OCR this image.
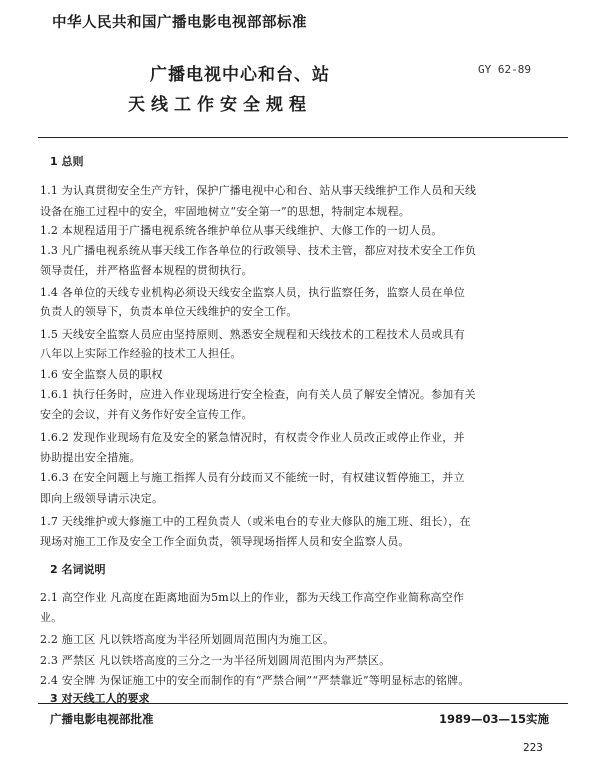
中华人民共和国广播电影电视部部标准
GY 62-89
广播电视中心和台、站
天线工作安全规程
1 总则
1.1 为认真贯彻安全生产方针，保护广播电视中心和台、站从事天线维护工作人员和天线
设备在施工过程中的安全，牢固地树立“安全第一”的思想，特制定本规程。
1.2 本规程适用于广播电视系统各维护单位从事天线维护、大修工作的一切人员。
1.3 凡广播电视系统从事天线工作各单位的行政领导、技术主管，都应对技术安全工作负
领导责任，并严格监督本规程的贯彻执行。
1.4 各单位的天线专业机构必须设天线安全监察人员，执行监察任务，监察人员在单位
负责人的领导下，负责本单位天线维护的安全工作。
1.5 天线安全监察人员应由坚持原则、熟悉安全规程和天线技术的工程技术人员或具有
八年以上实际工作经验的技术工人担任。
1.6 安全监察人员的职权
1.6.1 执行任务时，应进入作业现场进行安全检查，向有关人员了解安全情况。参加有关
安全的会议，并有义务作好安全宣传工作。
1.6.2 发现作业现场有危及安全的紧急情况时，有权责令作业人员改正或停止作业，并
协助提出安全措施。
1.6.3 在安全问题上与施工指挥人员有分歧而又不能统一时，有权建议暂停施工，并立
即向上级领导请示决定。
1.7 天线维护或大修施工中的工程负责人（或米电台的专业大修队的施工班、组长），在
现场对施工工作及安全工作全面负责，领导现场指挥人员和安全监察人员。
2 名词说明
2.1 高空作业 凡高度在距离地面为5m以上的作业，都为天线工作高空作业简称高空作
业。
2.2 施工区 凡以铁塔高度为半径所划圆周范围内为施工区。
2.3 严禁区 凡以铁塔高度的三分之一为半径所划圆周范围内为严禁区。
2.4 安全牌 为保证施工中的安全而制作的有“严禁合闸”“严禁靠近”等明显标志的铭牌。
3 对天线工人的要求
广播电影电视部批准	1989—03—15实施
223
